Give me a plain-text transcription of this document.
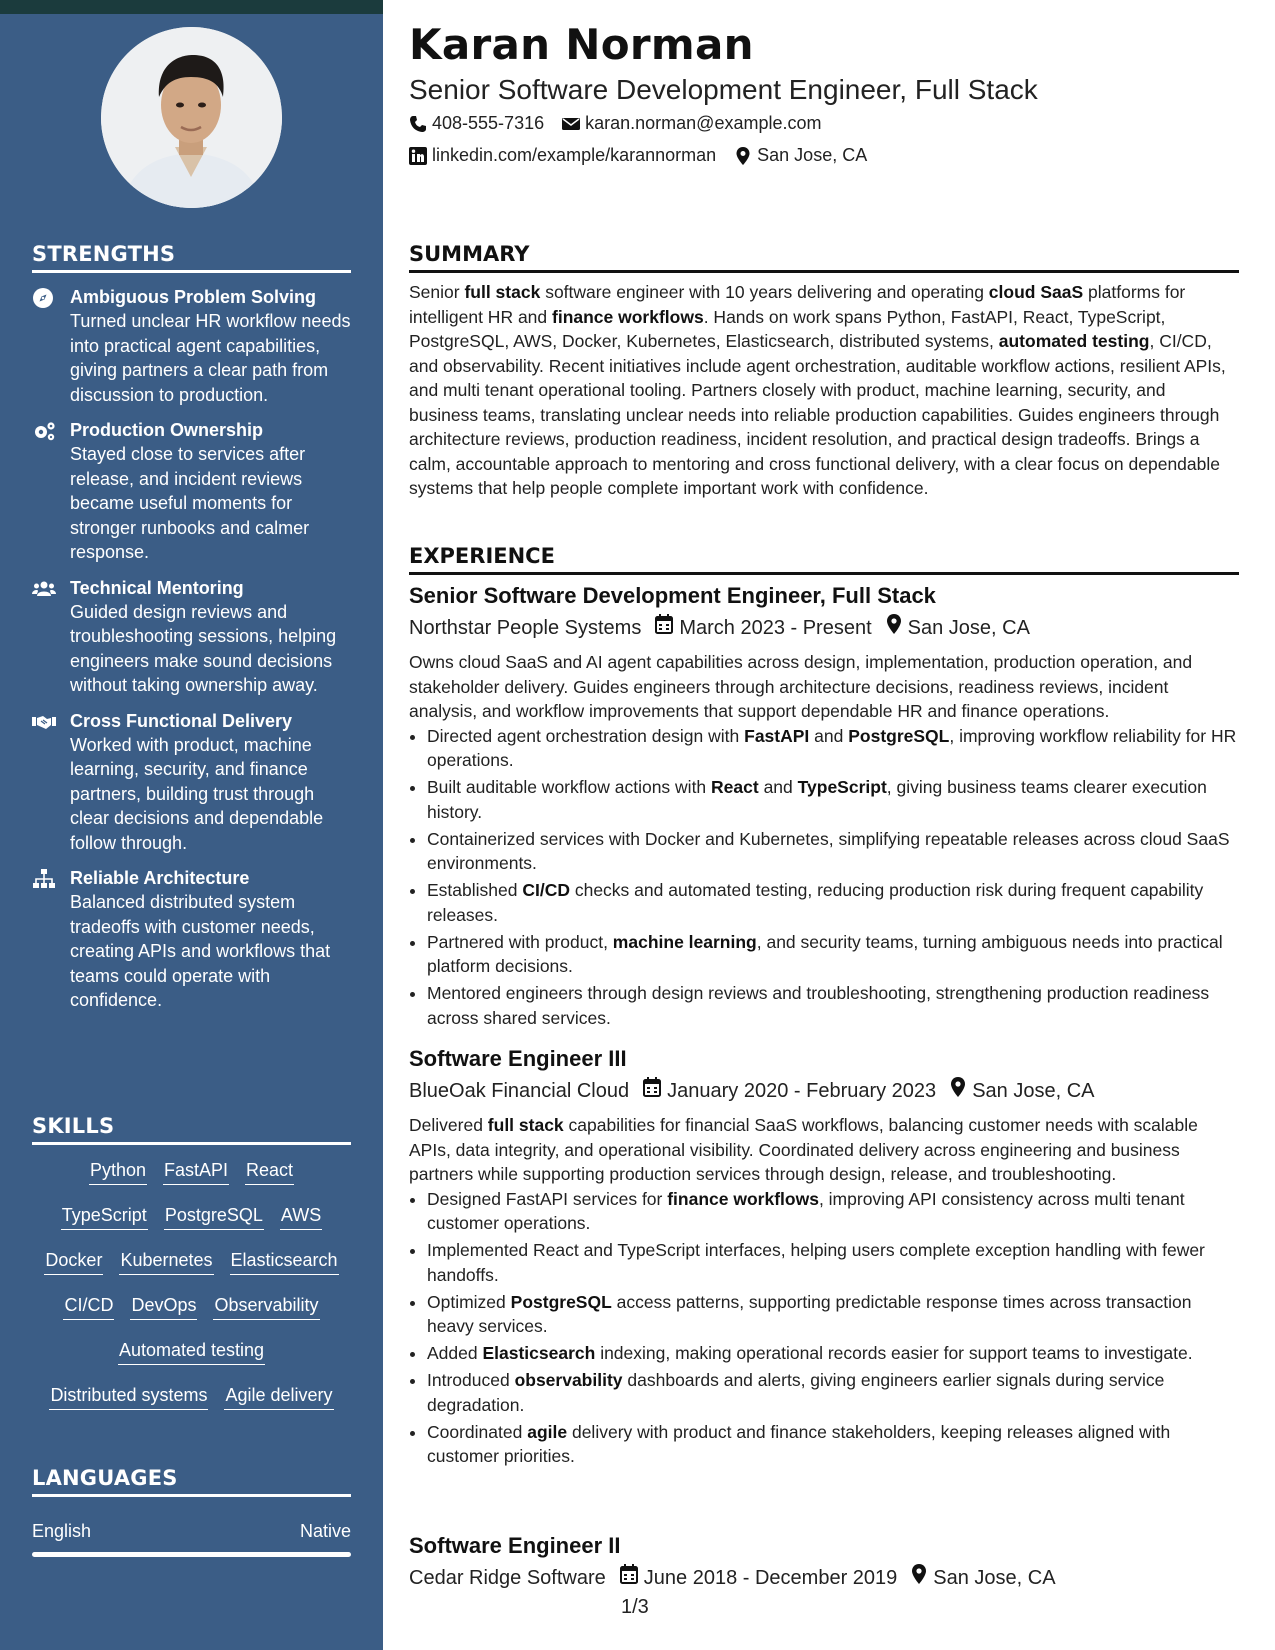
STRENGTHS
Ambiguous Problem Solving
Turned unclear HR workflow needs into practical agent capabilities, giving partners a clear path from discussion to production.
Production Ownership
Stayed close to services after release, and incident reviews became useful moments for stronger runbooks and calmer response.
Technical Mentoring
Guided design reviews and troubleshooting sessions, helping engineers make sound decisions without taking ownership away.
Cross Functional Delivery
Worked with product, machine learning, security, and finance partners, building trust through clear decisions and dependable follow through.
Reliable Architecture
Balanced distributed system tradeoffs with customer needs, creating APIs and workflows that teams could operate with confidence.
SKILLS
Python FastAPI React
TypeScript PostgreSQL AWS
Docker Kubernetes Elasticsearch
CI/CD DevOps Observability
Automated testing
Distributed systems Agile delivery
LANGUAGES
English	Native
Karan Norman
Senior Software Development Engineer, Full Stack
408-555-7316 karan.norman@example.com
linkedin.com/example/karannorman San Jose, CA
SUMMARY

Senior full stack software engineer with 10 years delivering and operating cloud SaaS platforms for intelligent HR and finance workflows. Hands on work spans Python, FastAPI, React, TypeScript, PostgreSQL, AWS, Docker, Kubernetes, Elasticsearch, distributed systems, automated testing, CI/CD, and observability. Recent initiatives include agent orchestration, auditable workflow actions, resilient APIs, and multi tenant operational tooling. Partners closely with product, machine learning, security, and business teams, translating unclear needs into reliable production capabilities. Guides engineers through architecture reviews, production readiness, incident resolution, and practical design tradeoffs. Brings a calm, accountable approach to mentoring and cross functional delivery, with a clear focus on dependable systems that help people complete important work with confidence.

EXPERIENCE
Senior Software Development Engineer, Full Stack
Northstar People Systems March 2023 - Present San Jose, CA

Owns cloud SaaS and AI agent capabilities across design, implementation, production operation, and stakeholder delivery. Guides engineers through architecture decisions, readiness reviews, incident analysis, and workflow improvements that support dependable HR and finance operations.

• Directed agent orchestration design with FastAPI and PostgreSQL, improving workflow reliability for HR operations.
• Built auditable workflow actions with React and TypeScript, giving business teams clearer execution history.
• Containerized services with Docker and Kubernetes, simplifying repeatable releases across cloud SaaS environments.
• Established CI/CD checks and automated testing, reducing production risk during frequent capability releases.
• Partnered with product, machine learning, and security teams, turning ambiguous needs into practical platform decisions.
• Mentored engineers through design reviews and troubleshooting, strengthening production readiness across shared services.
Software Engineer III
BlueOak Financial Cloud January 2020 - February 2023 San Jose, CA

Delivered full stack capabilities for financial SaaS workflows, balancing customer needs with scalable APIs, data integrity, and operational visibility. Coordinated delivery across engineering and business partners while supporting production services through design, release, and troubleshooting.

• Designed FastAPI services for finance workflows, improving API consistency across multi tenant customer operations.
• Implemented React and TypeScript interfaces, helping users complete exception handling with fewer handoffs.
• Optimized PostgreSQL access patterns, supporting predictable response times across transaction heavy services.
• Added Elasticsearch indexing, making operational records easier for support teams to investigate.
• Introduced observability dashboards and alerts, giving engineers earlier signals during service degradation.
• Coordinated agile delivery with product and finance stakeholders, keeping releases aligned with customer priorities.
Software Engineer II
Cedar Ridge Software June 2018 - December 2019 San Jose, CA
1/3
